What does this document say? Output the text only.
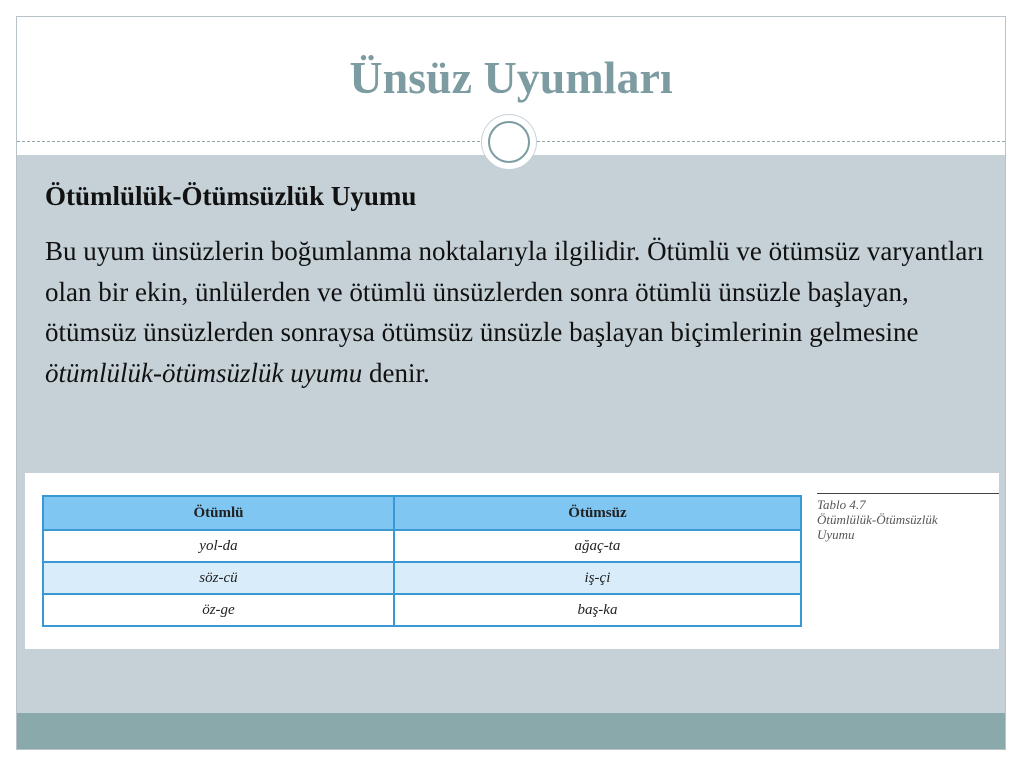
Ünsüz Uyumları
Ötümlülük-Ötümsüzlük Uyumu
Bu uyum ünsüzlerin boğumlanma noktalarıyla ilgilidir. Ötümlü ve ötümsüz varyantları olan bir ekin, ünlülerden ve ötümlü ünsüzlerden sonra ötümlü ünsüzle başlayan, ötümsüz ünsüzlerden sonraysa ötümsüz ünsüzle başlayan biçimlerinin gelmesine ötümlülük-ötümsüzlük uyumu denir.
Ötümlü	Ötümsüz
yol-da	ağaç-ta
söz-cü	iş-çi
öz-ge	baş-ka
Tablo 4.7
Ötümlülük-Ötümsüzlük
Uyumu
